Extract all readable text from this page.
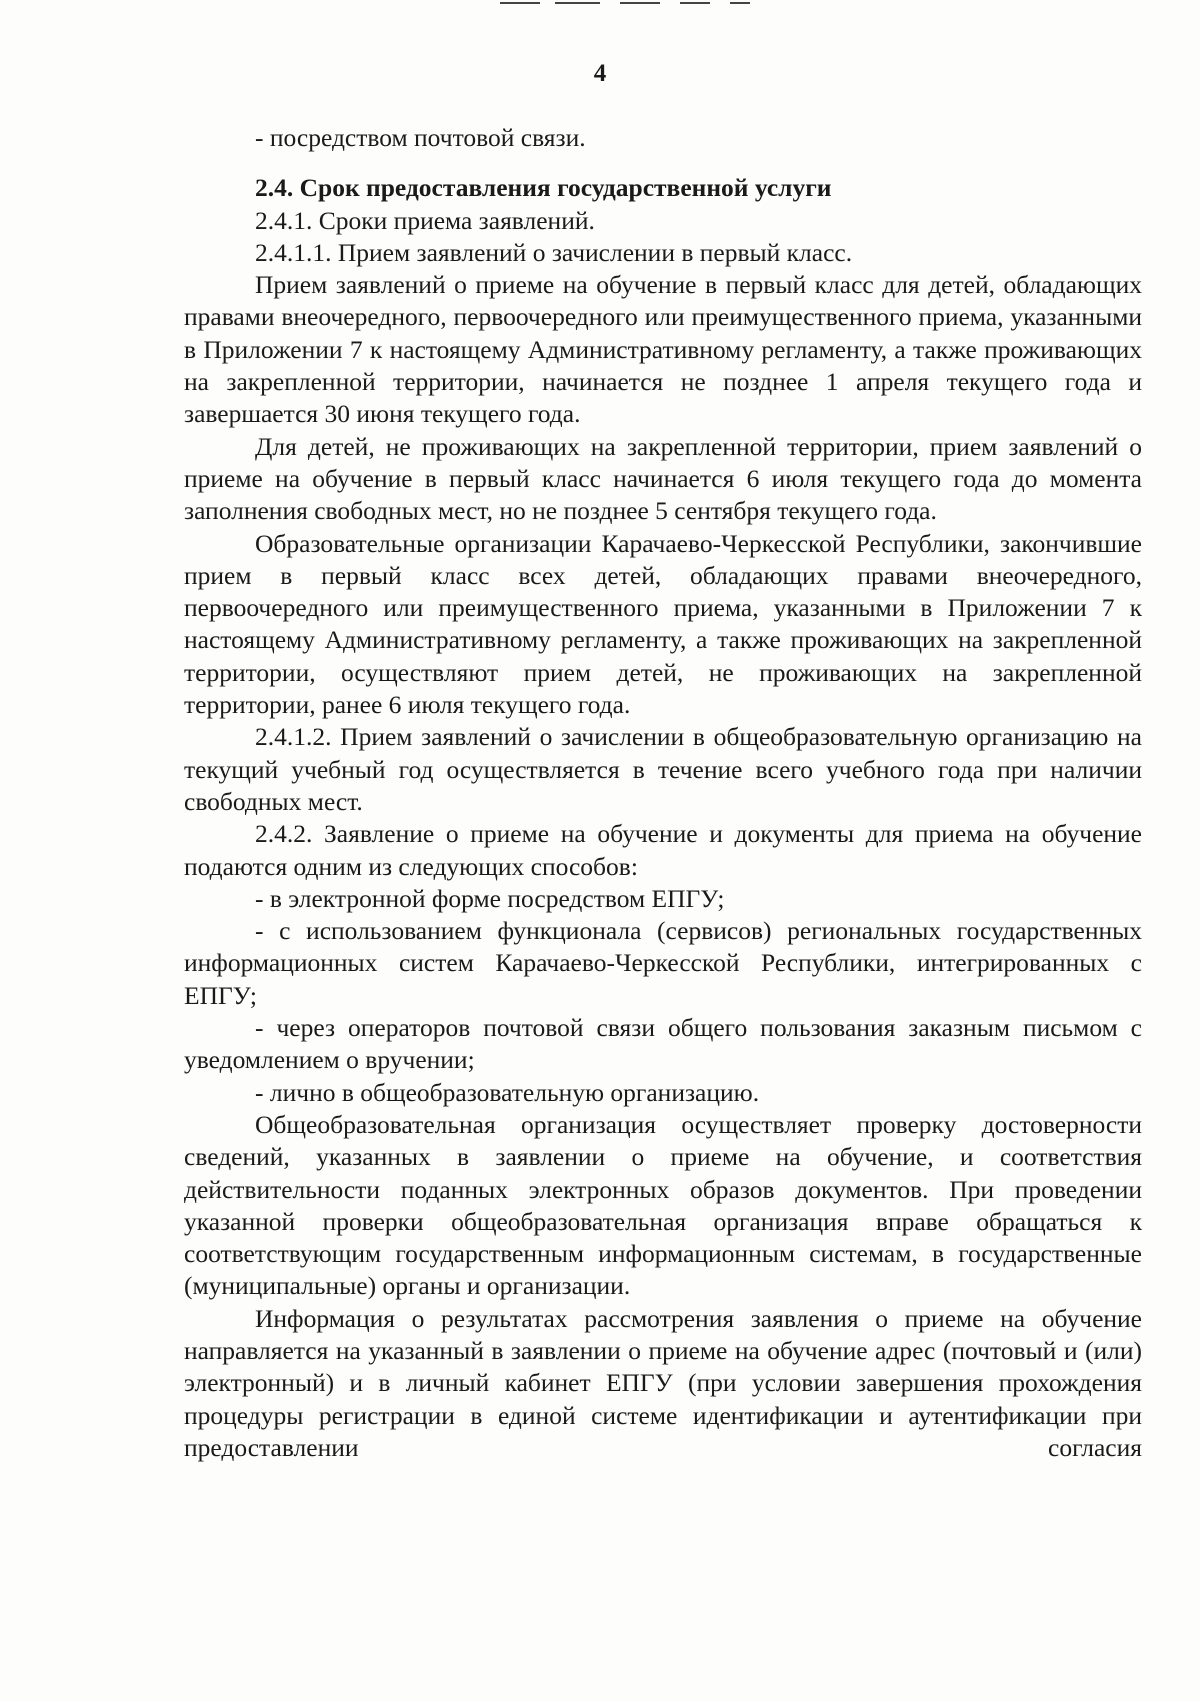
4

- посредством почтовой связи.

2.4. Срок предоставления государственной услуги

2.4.1. Сроки приема заявлений.

2.4.1.1. Прием заявлений о зачислении в первый класс.

Прием заявлений о приеме на обучение в первый класс для детей, обладающих правами внеочередного, первоочередного или преимущественного приема, указанными в Приложении 7 к настоящему Административному регламенту, а также проживающих на закрепленной территории, начинается не позднее 1 апреля текущего года и завершается 30 июня текущего года.

Для детей, не проживающих на закрепленной территории, прием заявлений о приеме на обучение в первый класс начинается 6 июля текущего года до момента заполнения свободных мест, но не позднее 5 сентября текущего года.

Образовательные организации Карачаево-Черкесской Республики, закончившие прием в первый класс всех детей, обладающих правами внеочередного, первоочередного или преимущественного приема, указанными в Приложении 7 к настоящему Административному регламенту, а также проживающих на закрепленной территории, осуществляют прием детей, не проживающих на закрепленной территории, ранее 6 июля текущего года.

2.4.1.2. Прием заявлений о зачислении в общеобразовательную организацию на текущий учебный год осуществляется в течение всего учебного года при наличии свободных мест.

2.4.2. Заявление о приеме на обучение и документы для приема на обучение подаются одним из следующих способов:

- в электронной форме посредством ЕПГУ;

- с использованием функционала (сервисов) региональных государственных информационных систем Карачаево-Черкесской Республики, интегрированных с ЕПГУ;

- через операторов почтовой связи общего пользования заказным письмом с уведомлением о вручении;

- лично в общеобразовательную организацию.

Общеобразовательная организация осуществляет проверку достоверности сведений, указанных в заявлении о приеме на обучение, и соответствия действительности поданных электронных образов документов. При проведении указанной проверки общеобразовательная организация вправе обращаться к соответствующим государственным информационным системам, в государственные (муниципальные) органы и организации.

Информация о результатах рассмотрения заявления о приеме на обучение направляется на указанный в заявлении о приеме на обучение адрес (почтовый и (или) электронный) и в личный кабинет ЕПГУ (при условии завершения прохождения процедуры регистрации в единой системе идентификации и аутентификации при предоставлении согласия
